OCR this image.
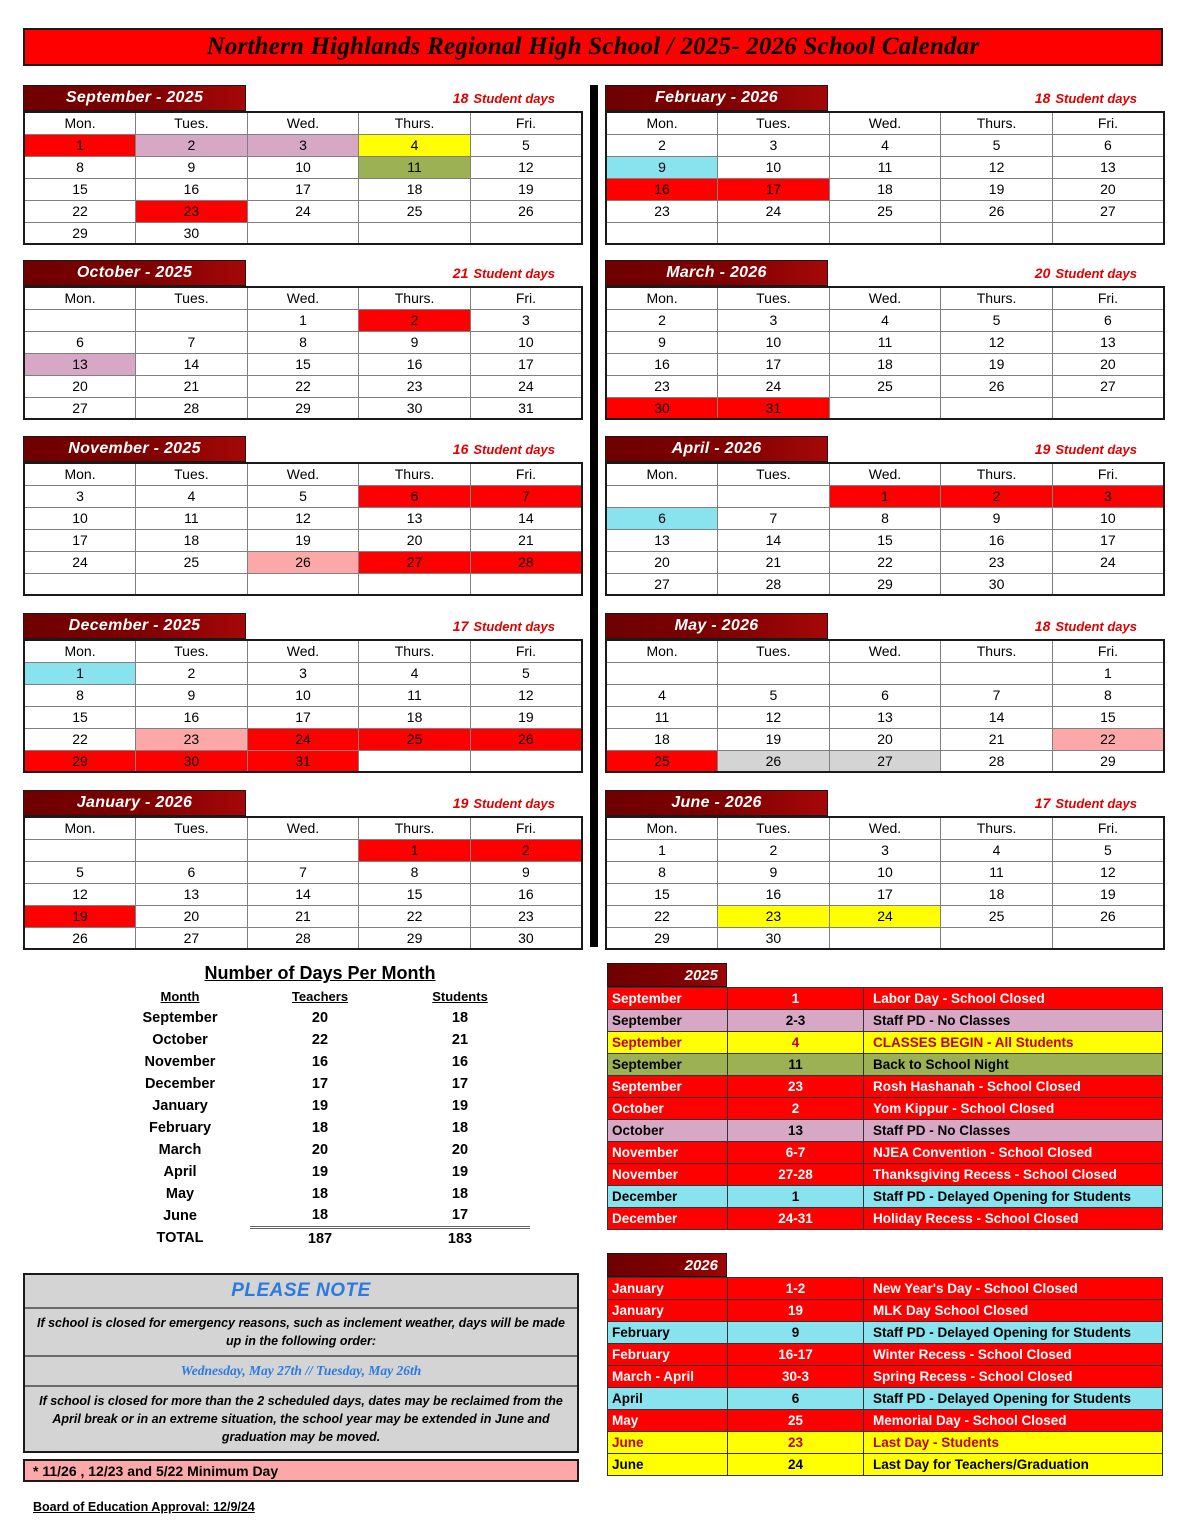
Northern Highlands Regional High School / 2025- 2026 School Calendar
September - 2025	18 Student days
Mon.	Tues.	Wed.	Thurs.	Fri.
1	2	3	4	5
8	9	10	11	12
15	16	17	18	19
22	23	24	25	26
29	30			
October - 2025	21 Student days
Mon.	Tues.	Wed.	Thurs.	Fri.
		1	2	3
6	7	8	9	10
13	14	15	16	17
20	21	22	23	24
27	28	29	30	31
November - 2025	16 Student days
Mon.	Tues.	Wed.	Thurs.	Fri.
3	4	5	6	7
10	11	12	13	14
17	18	19	20	21
24	25	26	27	28

December - 2025	17 Student days
Mon.	Tues.	Wed.	Thurs.	Fri.
1	2	3	4	5
8	9	10	11	12
15	16	17	18	19
22	23	24	25	26
29	30	31		
January - 2026	19 Student days
Mon.	Tues.	Wed.	Thurs.	Fri.
			1	2
5	6	7	8	9
12	13	14	15	16
19	20	21	22	23
26	27	28	29	30
February - 2026	18 Student days
Mon.	Tues.	Wed.	Thurs.	Fri.
2	3	4	5	6
9	10	11	12	13
16	17	18	19	20
23	24	25	26	27

March - 2026	20 Student days
Mon.	Tues.	Wed.	Thurs.	Fri.
2	3	4	5	6
9	10	11	12	13
16	17	18	19	20
23	24	25	26	27
30	31			
April - 2026	19 Student days
Mon.	Tues.	Wed.	Thurs.	Fri.
		1	2	3
6	7	8	9	10
13	14	15	16	17
20	21	22	23	24
27	28	29	30	
May - 2026	18 Student days
Mon.	Tues.	Wed.	Thurs.	Fri.
				1
4	5	6	7	8
11	12	13	14	15
18	19	20	21	22
25	26	27	28	29
June - 2026	17 Student days
Mon.	Tues.	Wed.	Thurs.	Fri.
1	2	3	4	5
8	9	10	11	12
15	16	17	18	19
22	23	24	25	26
29	30			
Number of Days Per Month
Month	Teachers	Students
September	20	18
October	22	21
November	16	16
December	17	17
January	19	19
February	18	18
March	20	20
April	19	19
May	18	18
June	18	17
TOTAL	187	183
PLEASE NOTE
If school is closed for emergency reasons, such as inclement weather, days will be made up in the following order:
Wednesday, May 27th // Tuesday, May 26th
If school is closed for more than the 2 scheduled days, dates may be reclaimed from the April break or in an extreme situation, the school year may be extended in June and graduation may be moved.
* 11/26 , 12/23 and 5/22 Minimum Day
Board of Education Approval: 12/9/24
2025
September	1	Labor Day - School Closed
September	2-3	Staff PD - No Classes
September	4	CLASSES BEGIN - All Students
September	11	Back to School Night
September	23	Rosh Hashanah - School Closed
October	2	Yom Kippur - School Closed
October	13	Staff PD - No Classes
November	6-7	NJEA Convention - School Closed
November	27-28	Thanksgiving Recess - School Closed
December	1	Staff PD - Delayed Opening for Students
December	24-31	Holiday Recess - School Closed
2026
January	1-2	New Year's Day - School Closed
January	19	MLK Day School Closed
February	9	Staff PD - Delayed Opening for Students
February	16-17	Winter Recess - School Closed
March - April	30-3	Spring Recess - School Closed
April	6	Staff PD - Delayed Opening for Students
May	25	Memorial Day - School Closed
June	23	Last Day - Students
June	24	Last Day for Teachers/Graduation
